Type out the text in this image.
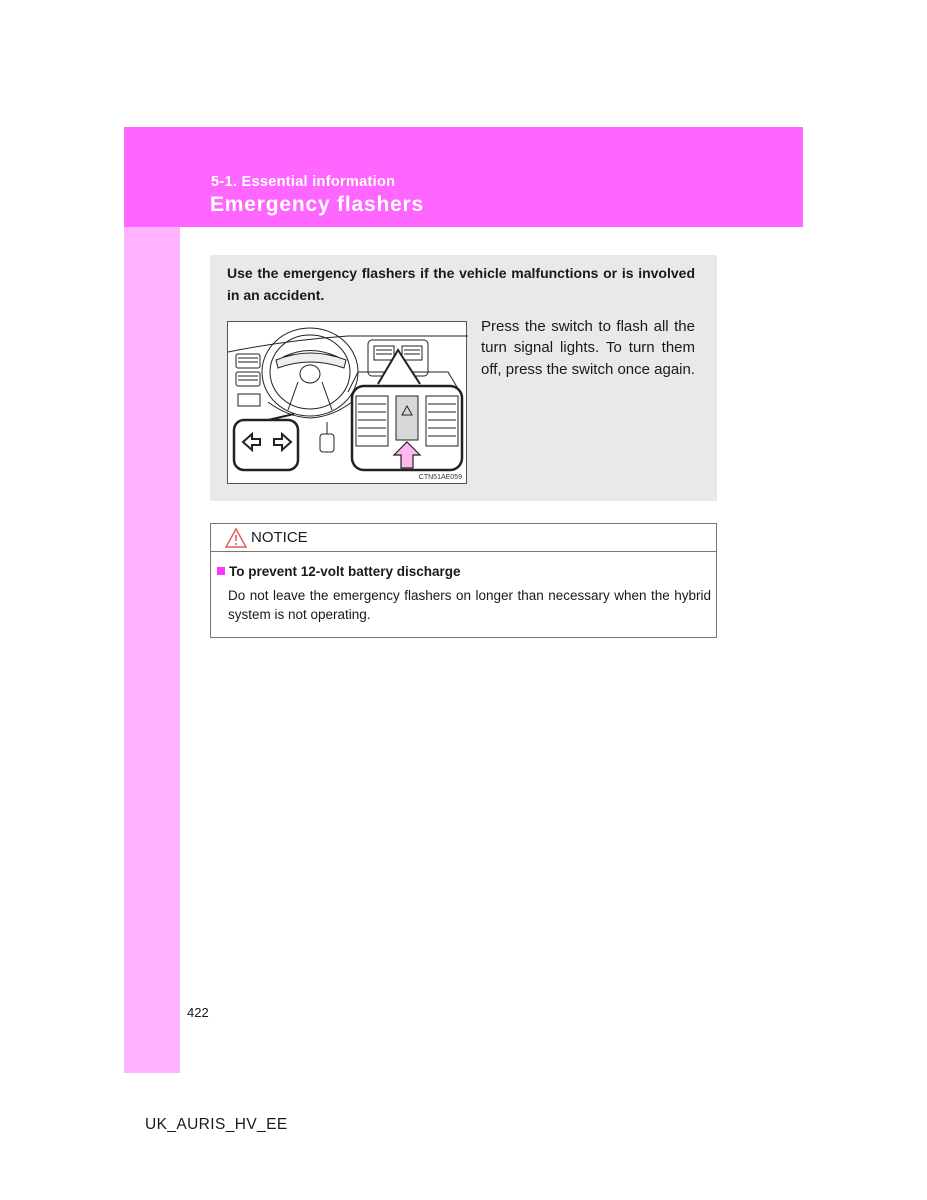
5-1. Essential information
Emergency flashers
Use the emergency flashers if the vehicle malfunctions or is involved in an accident.
CTN51AE059
Press the switch to flash all the turn signal lights. To turn them off, press the switch once again.
NOTICE
To prevent 12-volt battery discharge
Do not leave the emergency flashers on longer than necessary when the hybrid system is not operating.
422
UK_AURIS_HV_EE
